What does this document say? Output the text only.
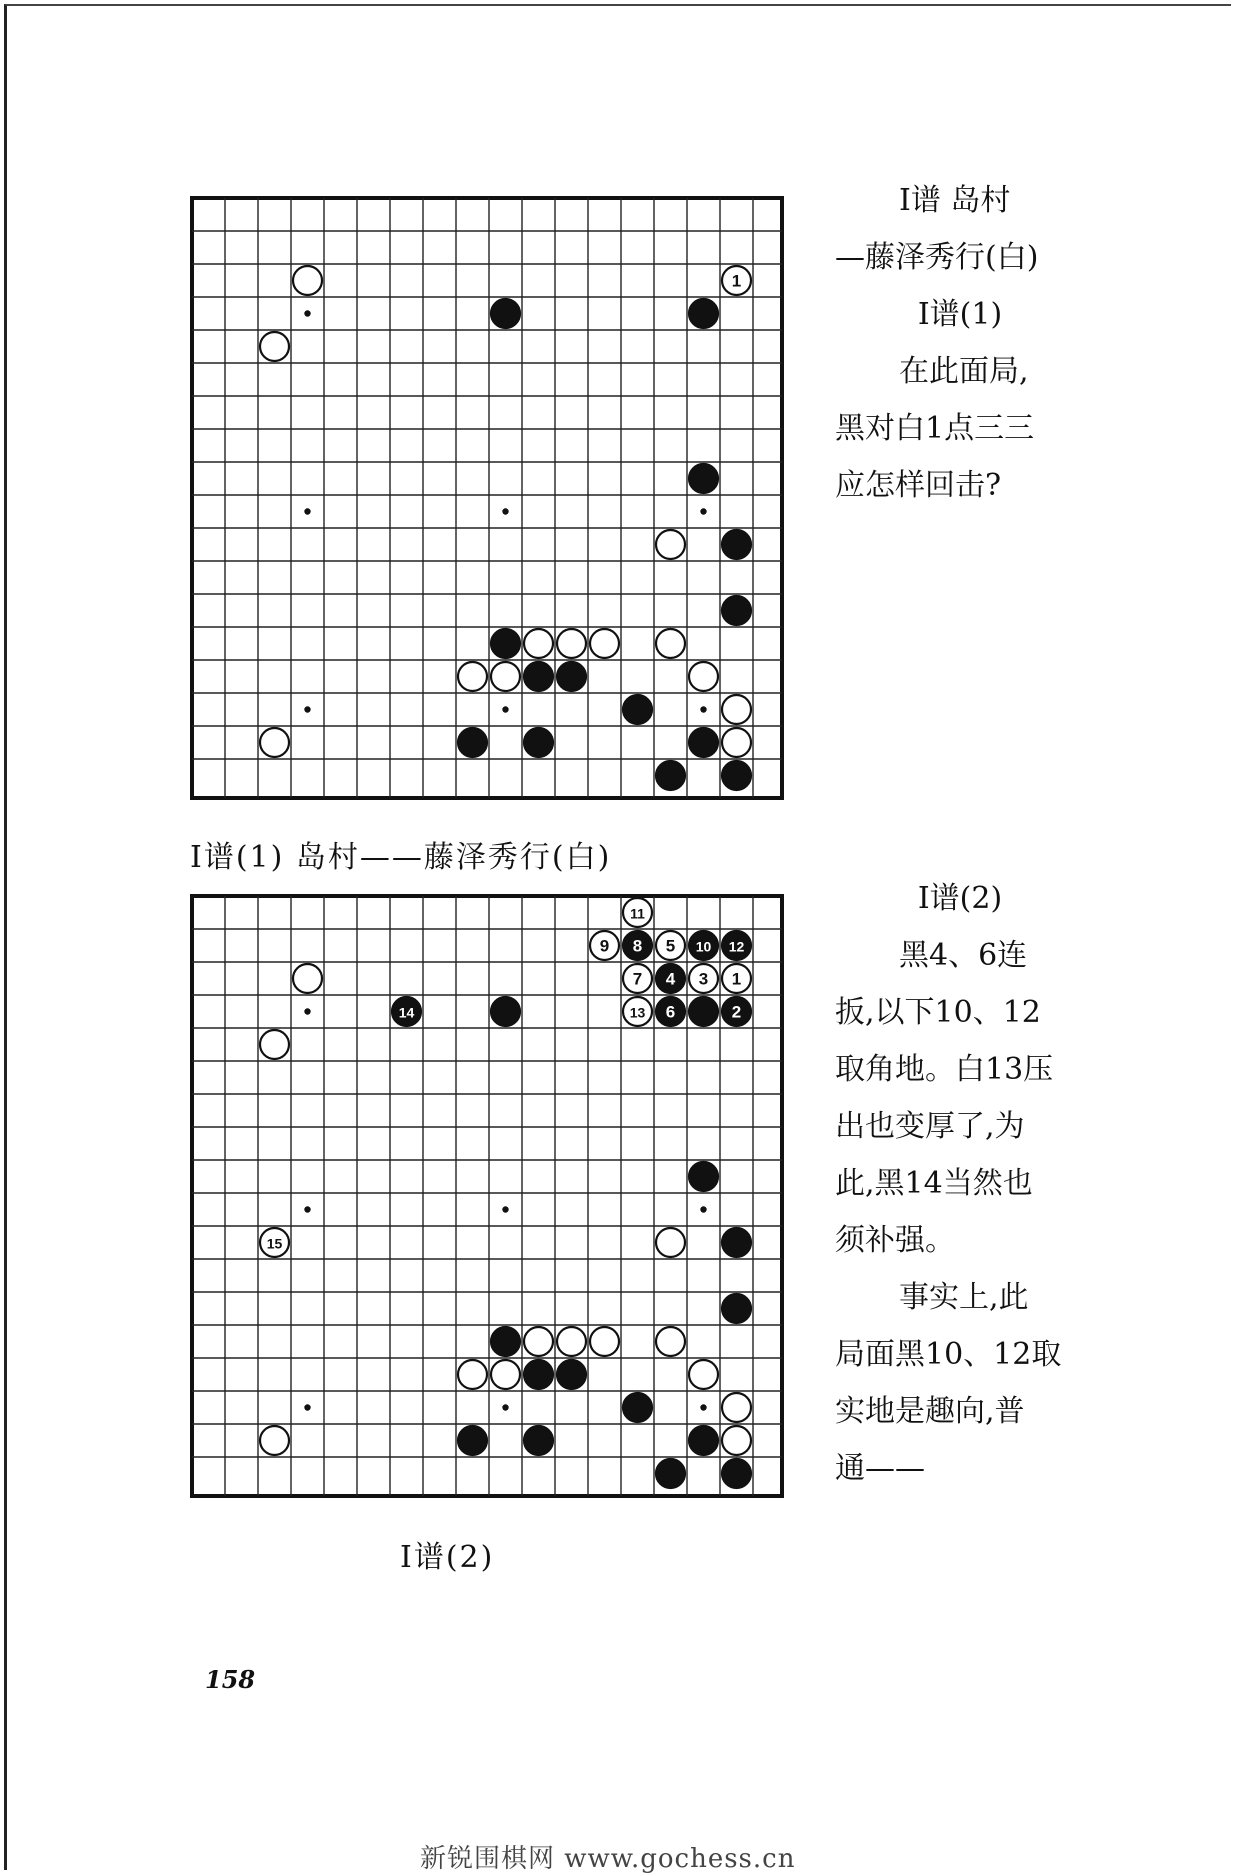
1
I谱(1) 岛村——藤泽秀行(白)
I谱 岛村
—藤泽秀行(白)
I谱(1)
在此面局,
黑对白1点三三
应怎样回击?
11
9 8 5 10 12
7 4 3 1
14	13 6	2
15
I谱(2)
I谱(2)
黑4、6连
扳,以下10、12
取角地。白13压
出也变厚了,为
此,黑14当然也
须补强。
事实上,此
局面黑10、12取
实地是趣向,普
通——
158
新锐围棋网 www.gochess.cn
